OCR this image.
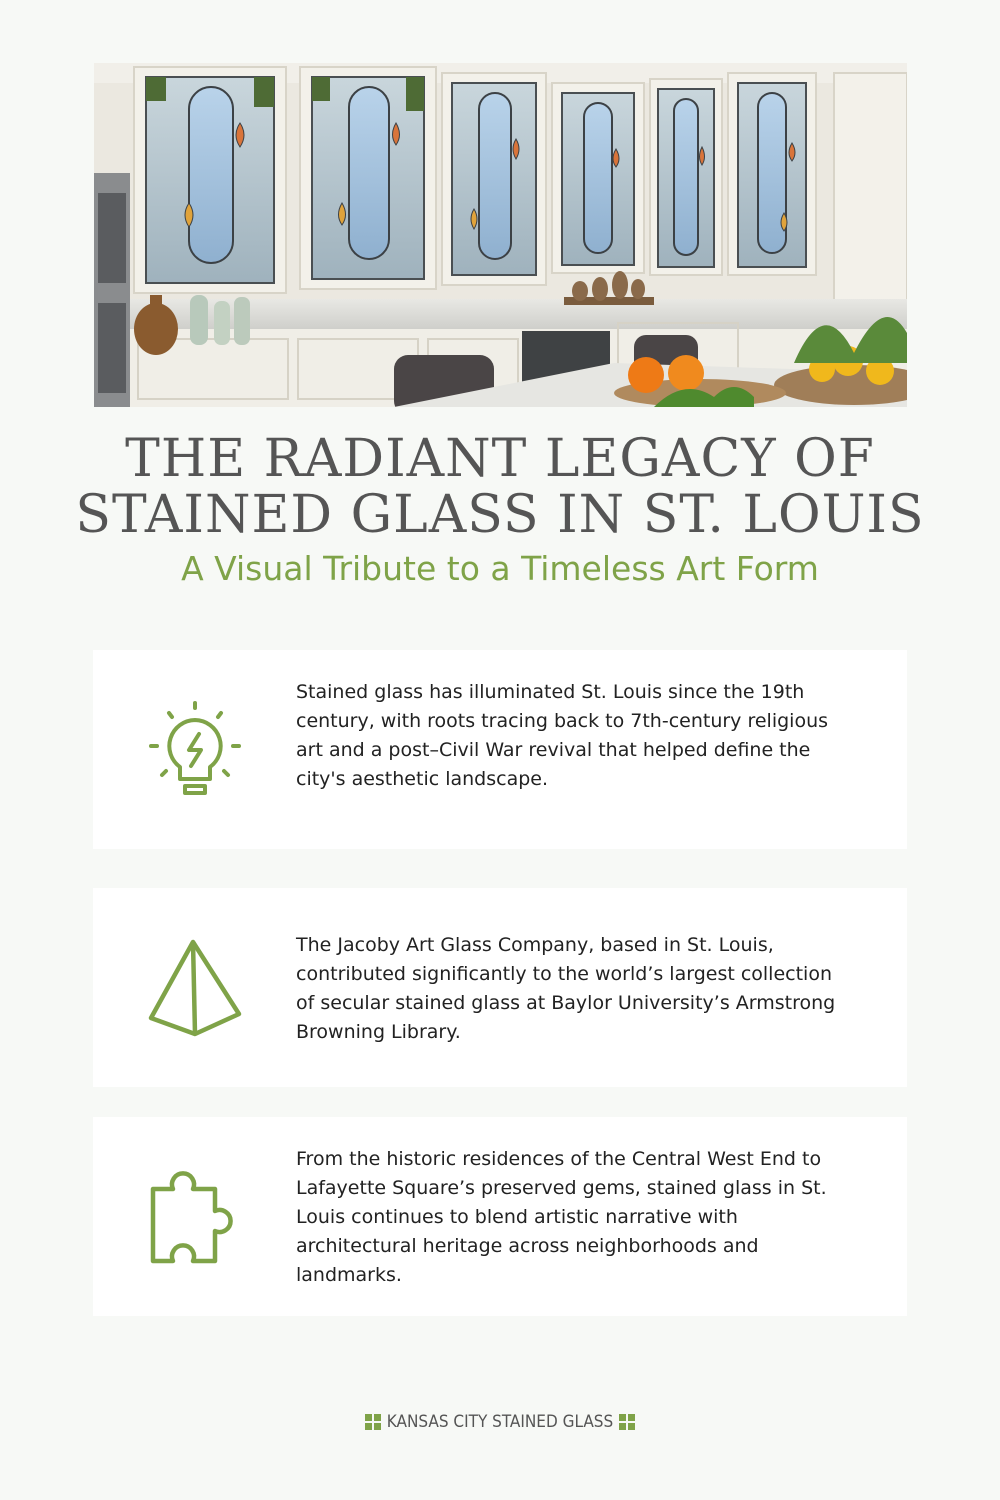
THE RADIANT LEGACY OF
STAINED GLASS IN ST. LOUIS

A Visual Tribute to a Timeless Art Form

Stained glass has illuminated St. Louis since the 19th century, with roots tracing back to 7th-century religious art and a post–Civil War revival that helped define the city's aesthetic landscape.

The Jacoby Art Glass Company, based in St. Louis, contributed significantly to the world’s largest collection of secular stained glass at Baylor University’s Armstrong Browning Library.

From the historic residences of the Central West End to Lafayette Square’s preserved gems, stained glass in St. Louis continues to blend artistic narrative with architectural heritage across neighborhoods and landmarks.

KANSAS CITY STAINED GLASS
